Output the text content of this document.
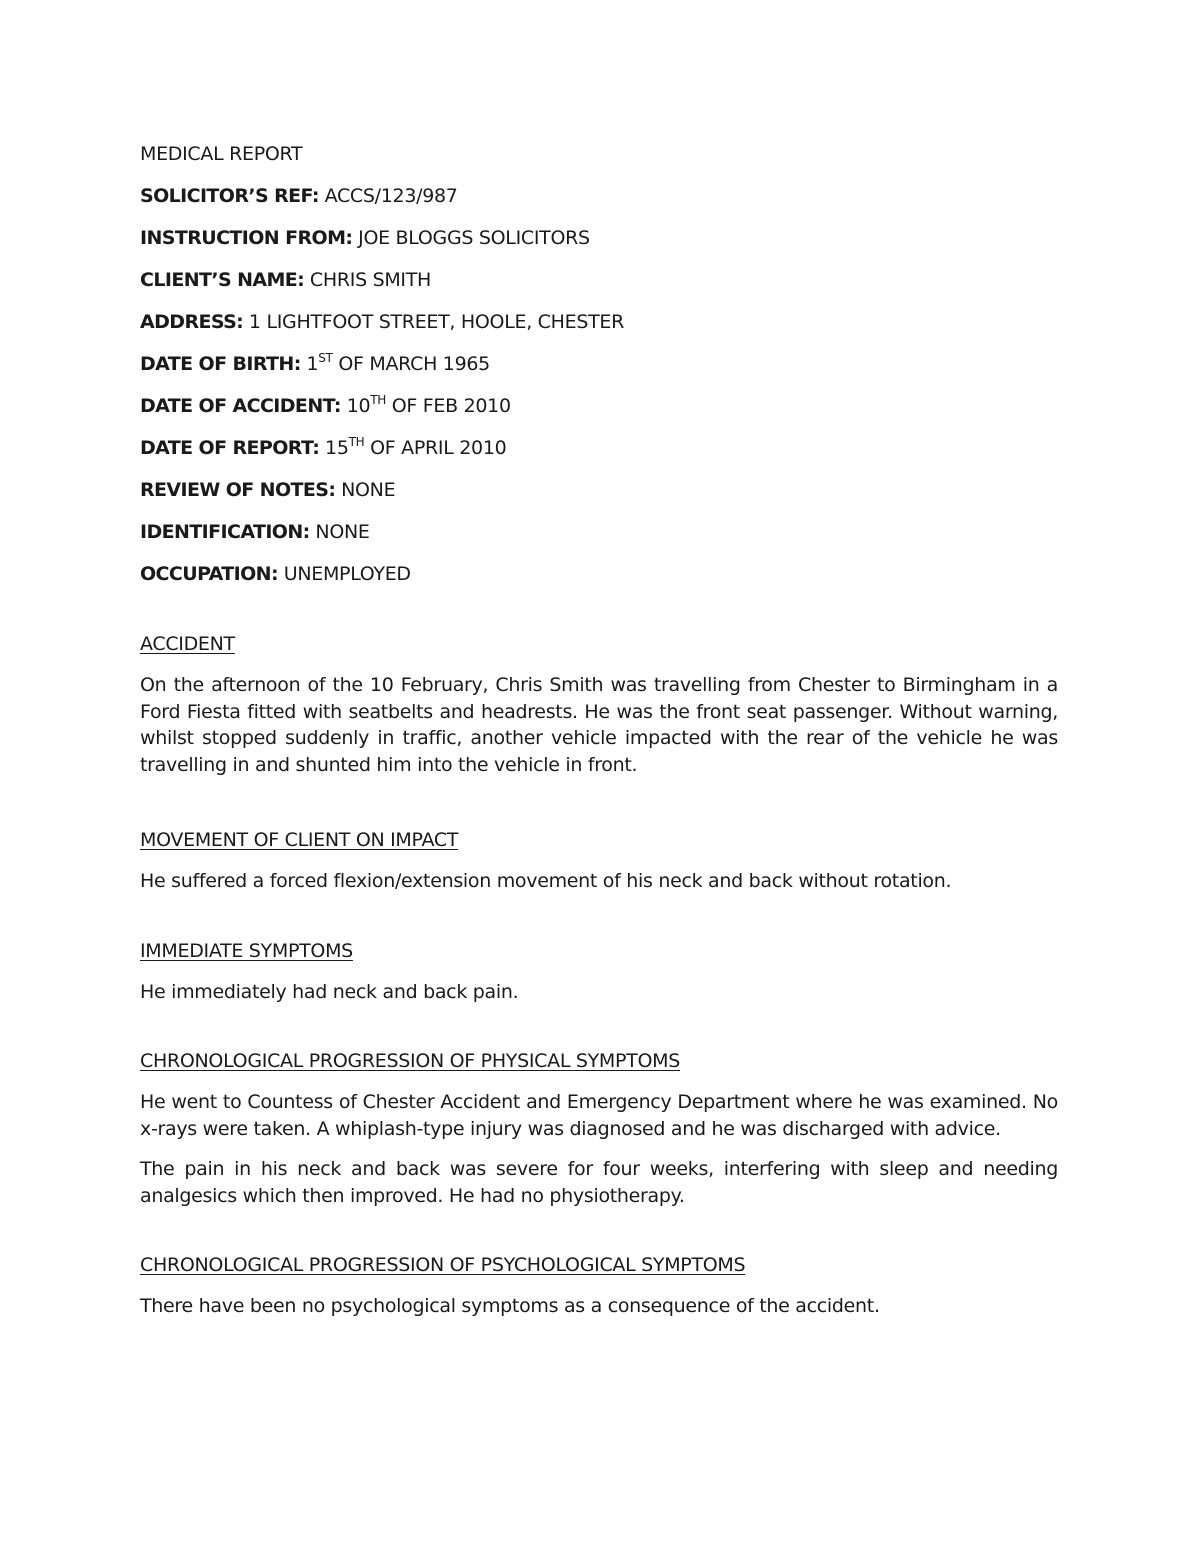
MEDICAL REPORT
SOLICITOR’S REF: ACCS/123/987
INSTRUCTION FROM: JOE BLOGGS SOLICITORS
CLIENT’S NAME: CHRIS SMITH
ADDRESS: 1 LIGHTFOOT STREET, HOOLE, CHESTER
DATE OF BIRTH: 1ST OF MARCH 1965
DATE OF ACCIDENT: 10TH OF FEB 2010
DATE OF REPORT: 15TH OF APRIL 2010
REVIEW OF NOTES: NONE
IDENTIFICATION: NONE
OCCUPATION: UNEMPLOYED
ACCIDENT

On the afternoon of the 10 February, Chris Smith was travelling from Chester to Birmingham in a Ford Fiesta fitted with seatbelts and headrests. He was the front seat passenger. Without warning, whilst stopped suddenly in traffic, another vehicle impacted with the rear of the vehicle he was travelling in and shunted him into the vehicle in front.

MOVEMENT OF CLIENT ON IMPACT

He suffered a forced flexion/extension movement of his neck and back without rotation.

IMMEDIATE SYMPTOMS

He immediately had neck and back pain.

CHRONOLOGICAL PROGRESSION OF PHYSICAL SYMPTOMS

He went to Countess of Chester Accident and Emergency Department where he was examined. No x-rays were taken. A whiplash-type injury was diagnosed and he was discharged with advice.

The pain in his neck and back was severe for four weeks, interfering with sleep and needing analgesics which then improved. He had no physiotherapy.

CHRONOLOGICAL PROGRESSION OF PSYCHOLOGICAL SYMPTOMS

There have been no psychological symptoms as a consequence of the accident.
